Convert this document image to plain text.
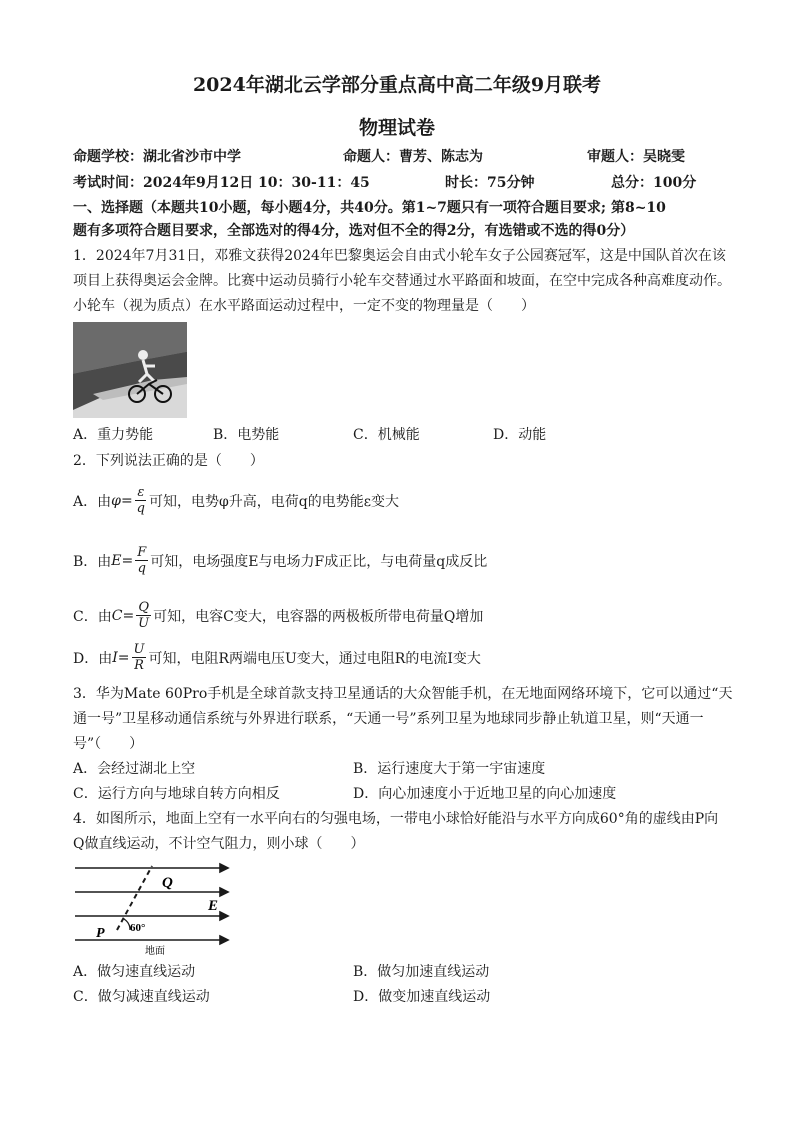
2024年湖北云学部分重点高中高二年级9月联考
物理试卷
命题学校：湖北省沙市中学	命题人：曹芳、陈志为	审题人：吴晓雯
考试时间：2024年9月12日 10：30-11：45	时长：75分钟	总分：100分
一、选择题（本题共10小题，每小题4分，共40分。第1~7题只有一项符合题目要求; 第8~10
题有多项符合题目要求，全部选对的得4分，选对但不全的得2分，有选错或不选的得0分）
1．2024年7月31日，邓雅文获得2024年巴黎奥运会自由式小轮车女子公园赛冠军，这是中国队首次在该
项目上获得奥运会金牌。比赛中运动员骑行小轮车交替通过水平路面和坡面，在空中完成各种高难度动作。
小轮车（视为质点）在水平路面运动过程中，一定不变的物理量是（　　）
A．重力势能	B．电势能	C．机械能	D．动能
2．下列说法正确的是（　　）
A．由 $\varphi = \frac{\varepsilon}{q}$ 可知，电势φ升高，电荷q的电势能ε变大
B．由 $E = \frac{F}{q}$ 可知，电场强度E与电场力F成正比，与电荷量q成反比
C．由 $C = \frac{Q}{U}$ 可知，电容C变大，电容器的两极板所带电荷量Q增加
D．由 $I = \frac{U}{R}$ 可知，电阻R两端电压U变大，通过电阻R的电流I变大
3．华为Mate 60Pro手机是全球首款支持卫星通话的大众智能手机，在无地面网络环境下，它可以通过“天
通一号”卫星移动通信系统与外界进行联系，“天通一号”系列卫星为地球同步静止轨道卫星，则“天通一
号”（　　）
A．会经过湖北上空	B．运行速度大于第一宇宙速度
C．运行方向与地球自转方向相反	D．向心加速度小于近地卫星的向心加速度
4．如图所示，地面上空有一水平向右的匀强电场，一带电小球恰好能沿与水平方向成60°角的虚线由P向
Q做直线运动，不计空气阻力，则小球（　　）
Q
E
P 60°
地面
A．做匀速直线运动	B．做匀加速直线运动
C．做匀减速直线运动	D．做变加速直线运动
